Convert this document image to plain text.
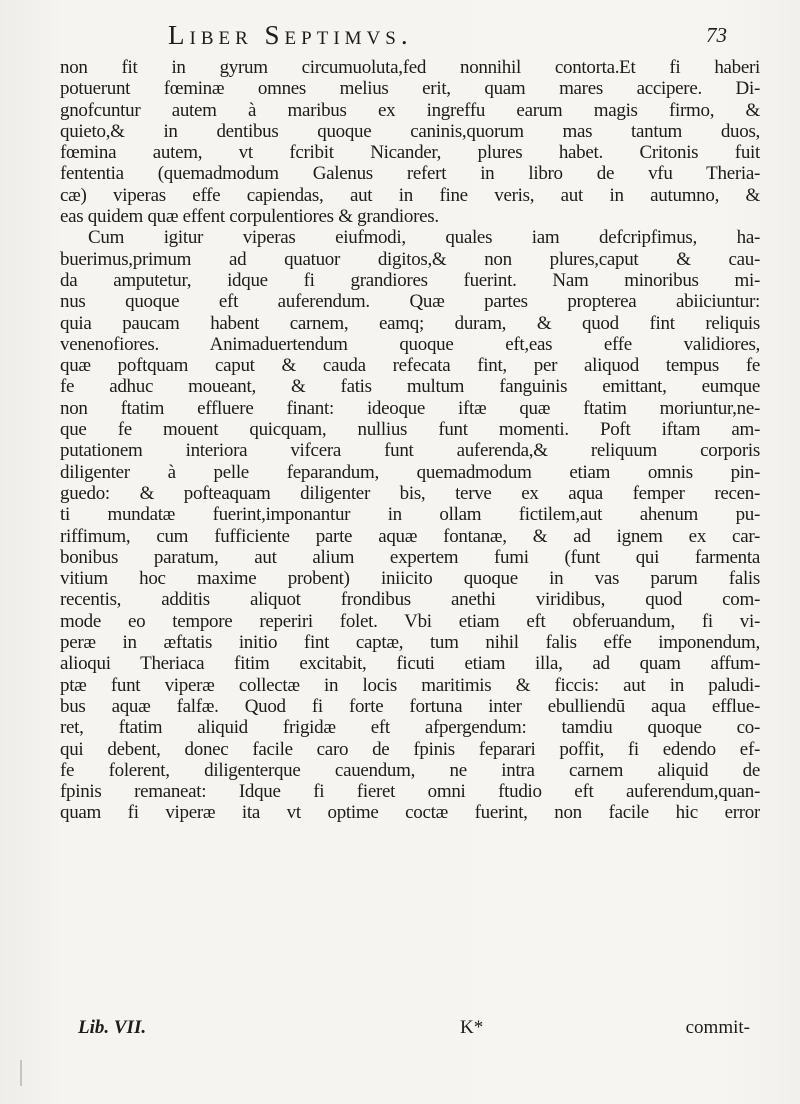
Liber Septimvs.	73
non fit in gyrum circumuoluta,fed nonnihil contorta.Et fi haberi
potuerunt fœminæ omnes melius erit, quam mares accipere. Di-
gnofcuntur autem à maribus ex ingreffu earum magis firmo, &
quieto,& in dentibus quoque caninis,quorum mas tantum duos,
fœmina autem, vt fcribit Nicander, plures habet. Critonis fuit
fententia (quemadmodum Galenus refert in libro de vfu Theria-
cæ) viperas effe capiendas, aut in fine veris, aut in autumno, &
eas quidem quæ effent corpulentiores & grandiores.
Cum igitur viperas eiufmodi, quales iam defcripfimus, ha-
buerimus,primum ad quatuor digitos,& non plures,caput & cau-
da amputetur, idque fi grandiores fuerint. Nam minoribus mi-
nus quoque eft auferendum. Quæ partes propterea abiiciuntur:
quia paucam habent carnem, eamq; duram, & quod fint reliquis
venenofiores. Animaduertendum quoque eft,eas effe validiores,
quæ poftquam caput & cauda refecata fint, per aliquod tempus fe
fe adhuc moueant, & fatis multum fanguinis emittant, eumque
non ftatim effluere finant: ideoque iftæ quæ ftatim moriuntur,ne-
que fe mouent quicquam, nullius funt momenti. Poft iftam am-
putationem interiora vifcera funt auferenda,& reliquum corporis
diligenter à pelle feparandum, quemadmodum etiam omnis pin-
guedo: & pofteaquam diligenter bis, terve ex aqua femper recen-
ti mundatæ fuerint,imponantur in ollam fictilem,aut ahenum pu-
riffimum, cum fufficiente parte aquæ fontanæ, & ad ignem ex car-
bonibus paratum, aut alium expertem fumi (funt qui farmenta
vitium hoc maxime probent) iniicito quoque in vas parum falis
recentis, additis aliquot frondibus anethi viridibus, quod com-
mode eo tempore reperiri folet. Vbi etiam eft obferuandum, fi vi-
peræ in æftatis initio fint captæ, tum nihil falis effe imponendum,
alioqui Theriaca fitim excitabit, ficuti etiam illa, ad quam affum-
ptæ funt viperæ collectæ in locis maritimis & ficcis: aut in paludi-
bus aquæ falfæ. Quod fi forte fortuna inter ebulliendū aqua efflue-
ret, ftatim aliquid frigidæ eft afpergendum: tamdiu quoque co-
qui debent, donec facile caro de fpinis feparari poffit, fi edendo ef-
fe folerent, diligenterque cauendum, ne intra carnem aliquid de
fpinis remaneat: Idque fi fieret omni ftudio eft auferendum,quan-
quam fi viperæ ita vt optime coctæ fuerint, non facile hic error
Lib. VII.	K*	commit-
